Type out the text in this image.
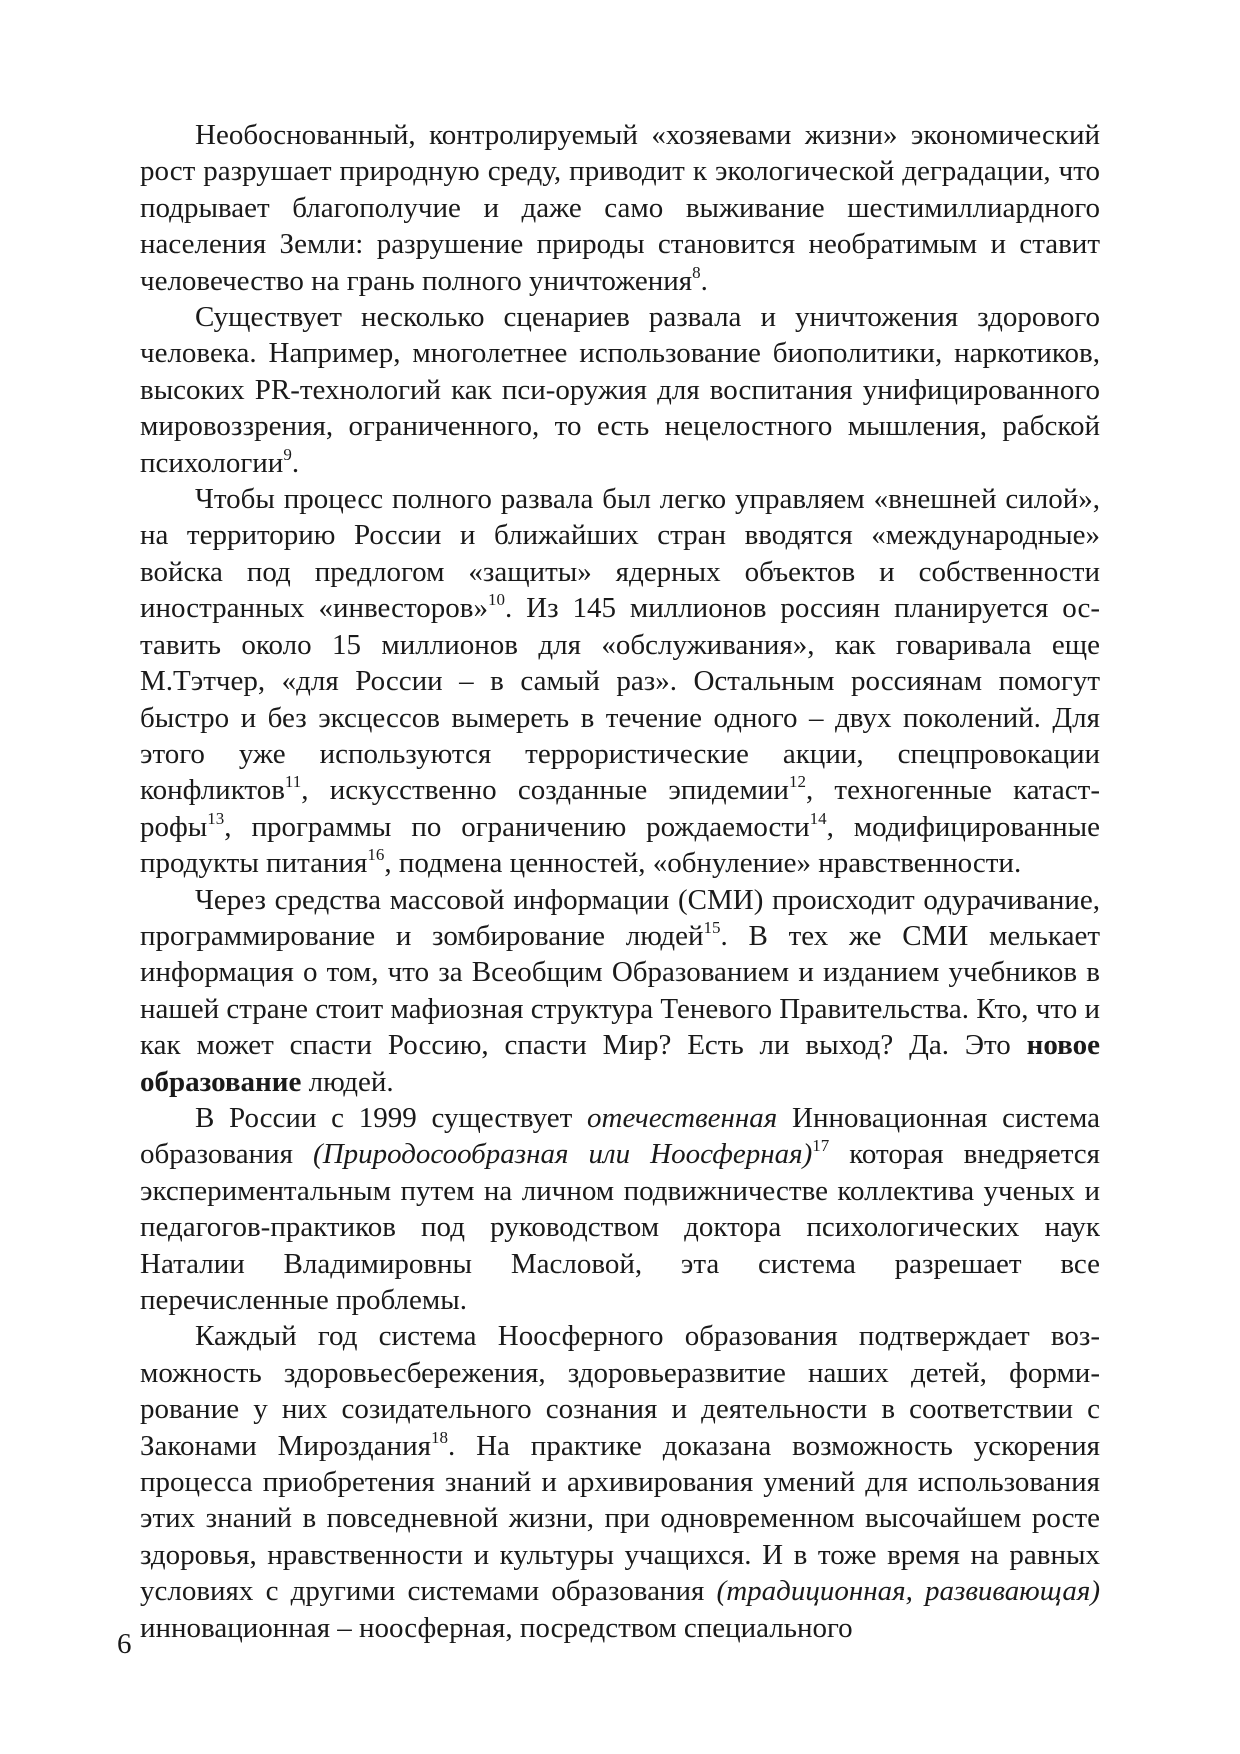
Необоснованный, контролируемый «хозяевами жизни» экономический рост разрушает природную среду, приводит к экологической деградации, что подрывает благополучие и даже само выживание шестимиллиардного населения Земли: разрушение природы становится необратимым и ставит человечество на грань полного уничтожения$^8$.

Существует несколько сценариев развала и уничтожения здорового человека. Например, многолетнее использование биополитики, наркотиков, высоких PR-технологий как пси-оружия для воспитания унифицированного мировоззрения, ограниченного, то есть нецелостного мышления, рабской психологии$^9$.

Чтобы процесс полного развала был легко управляем «внешней силой», на территорию России и ближайших стран вводятся «международные» войска под предлогом «защиты» ядерных объектов и собственности иностранных «инвесторов»$^{10}$. Из 145 миллионов россиян планируется оставить около 15 миллионов для «обслуживания», как говаривала еще М.Тэтчер, «для России – в самый раз». Остальным россиянам помогут быстро и без эксцессов вымереть в течение одного – двух поколений. Для этого уже используются террористические акции, спецпровокации конфликтов$^{11}$, искусственно созданные эпидемии$^{12}$, техногенные катастрофы$^{13}$, программы по ограничению рождаемости$^{14}$, модифицированные продукты питания$^{16}$, подмена ценностей, «обнуление» нравственности.

Через средства массовой информации (СМИ) происходит одурачивание, программирование и зомбирование людей$^{15}$. В тех же СМИ мелькает информация о том, что за Всеобщим Образованием и изданием учебников в нашей стране стоит мафиозная структура Теневого Правительства. Кто, что и как может спасти Россию, спасти Мир? Есть ли выход? Да. Это новое образование людей.

В России с 1999 существует отечественная Инновационная система образования (Природосообразная или Ноосферная)$^{17}$ которая внедряется экспериментальным путем на личном подвижничестве коллектива ученых и педагогов-практиков под руководством доктора психологических наук Наталии Владимировны Масловой, эта система разрешает все перечисленные проблемы.

Каждый год система Ноосферного образования подтверждает возможность здоровьесбережения, здоровьеразвитие наших детей, формирование у них созидательного сознания и деятельности в соответствии с Законами Мироздания$^{18}$. На практике доказана возможность ускорения процесса приобретения знаний и архивирования умений для использования этих знаний в повседневной жизни, при одновременном высочайшем росте здоровья, нравственности и культуры учащихся. И в тоже время на равных условиях с другими системами образования (традиционная, развивающая) инновационная – ноосферная, посредством специального

6
